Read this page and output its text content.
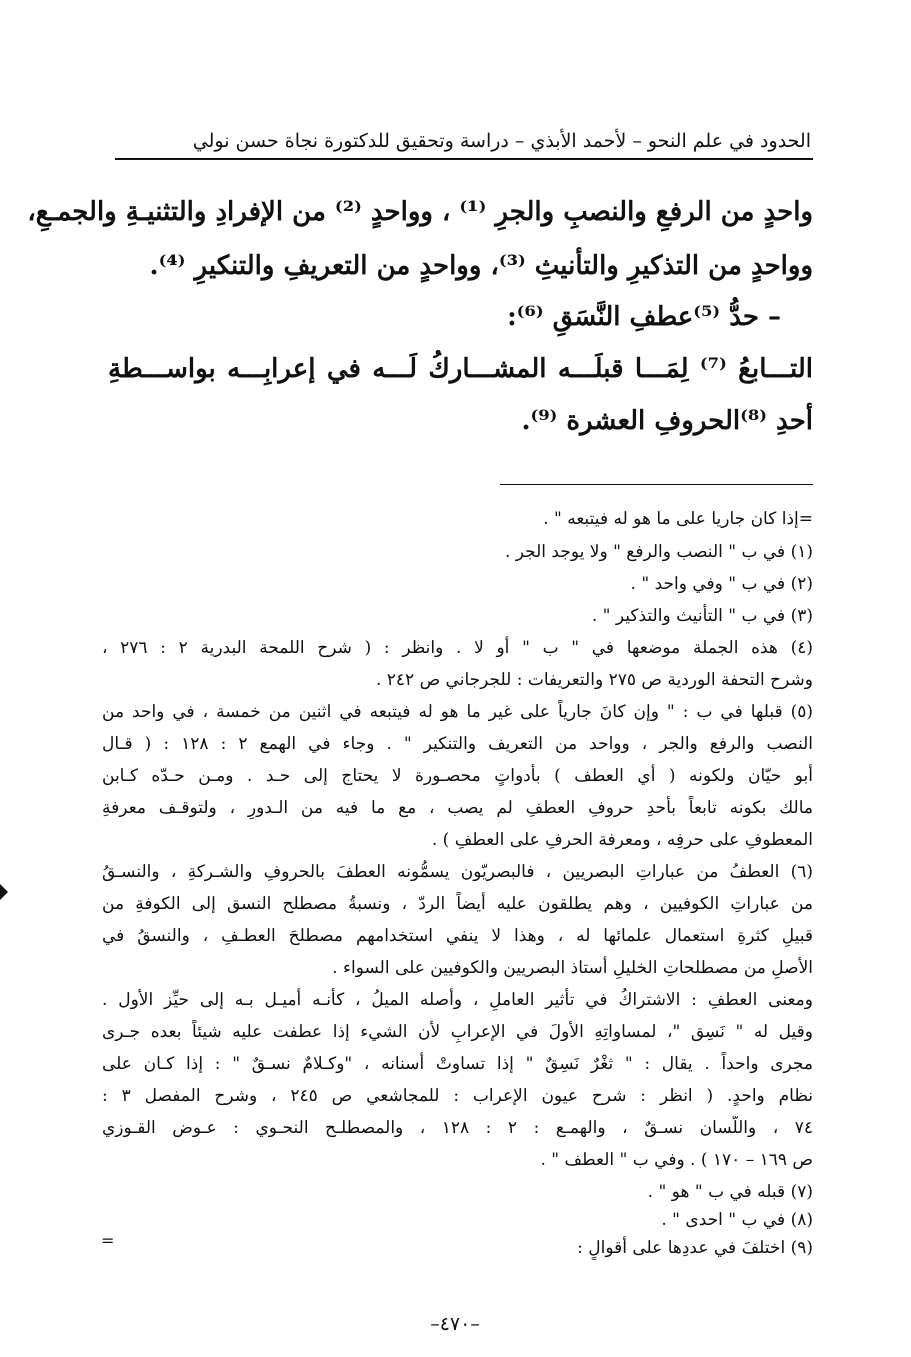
الحدود في علم النحو – لأحمد الأبذي – دراسة وتحقيق للدكتورة نجاة حسن نولي
واحدٍ من الرفعِ والنصبِ والجرِ ⁽¹⁾ ، وواحدٍ ⁽²⁾ من الإفرادِ والتثنيـةِ والجمـعِ،
وواحدٍ من التذكيرِ والتأنيثِ ⁽³⁾، وواحدٍ من التعريفِ والتنكيرِ ⁽⁴⁾.
– حدُّ ⁽⁵⁾عطفِ النَّسَقِ ⁽⁶⁾:
التـــابعُ ⁽⁷⁾ لِمَـــا قبلَـــه المشـــاركُ لَـــه في إعرابِـــه بواســـطةِ
أحدِ ⁽⁸⁾الحروفِ العشرة ⁽⁹⁾.
=إذا كان جاريا على ما هو له فيتبعه " .
(١) في ب " النصب والرفع " ولا يوجد الجر .
(٢) في ب " وفي واحد " .
(٣) في ب " التأنيث والتذكير " .
(٤) هذه الجملة موضعها في " ب " أو لا . وانظر : ( شرح اللمحة البدرية ٢ : ٢٧٦ ،
وشرح التحفة الوردية ص ٢٧٥ والتعريفات : للجرجاني ص ٢٤٢ .
(٥) قبلها في ب : " وإن كانَ جارياً على غير ما هو له فيتبعه في اثنين من خمسة ، في واحد من
النصب والرفع والجر ، وواحد من التعريف والتنكير " . وجاء في الهمع ٢ : ١٢٨ : ( قـال
أبو حيّان ولكونه ( أي العطف ) بأدواتٍ محصـورة لا يحتاج إلى حـد . ومـن حـدّه كـابن
مالك بكونه تابعاً بأحدِ حروفِ العطفِ لم يصب ، مع ما فيه من الـدورِ ، ولتوقـف معرفةِ
المعطوفِ على حرفِه ، ومعرفة الحرفِ على العطفِ ) .
(٦) العطفُ من عباراتِ البصريين ، فالبصريّون يسمُّونه العطفَ بالحروفِ والشـركةِ ، والنسـقُ
من عباراتِ الكوفيين ، وهم يطلقون عليه أيضاً الردّ ، ونسبةُ مصطلح النسق إلى الكوفةِ من
قبيلِ كثرةِ استعمال علمائها له ، وهذا لا ينفي استخدامهم مصطلحَ العطـفِ ، والنسقُ في
الأصلِ من مصطلحاتِ الخليلِ أستاذ البصريين والكوفيين على السواء .
ومعنى العطفِ : الاشتراكُ في تأثير العاملِ ، وأصله الميلُ ، كأنـه أميـل بـه إلى حيِّز الأول .
وقيل له " نَسِق "، لمساواتِهِ الأولَ في الإعرابِ لأن الشيء إذا عطفت عليه شيئاً بعده جـرى
مجرى واحداً . يقال : " ثغْرٌ نَسِقٌ " إذا تساوتْ أسنانه ، "وكـلامٌ نسـقٌ " : إذا كـان على
نظام واحدٍ. ( انظر : شرح عيون الإعراب : للمجاشعي ص ٢٤٥ ، وشرح المفصل ٣ :
٧٤ ، واللّسان نسـقٌ ، والهمـع : ٢ : ١٢٨ ، والمصطلـح النحـوي : عـوض القـوزي
ص ١٦٩ – ١٧٠ ) . وفي ب " العطف " .
(٧) قبله في ب " هو " .
(٨) في ب " احدى " .
(٩) اختلفَ في عددِها على أقوالٍ :
=
–٤٧٠–
